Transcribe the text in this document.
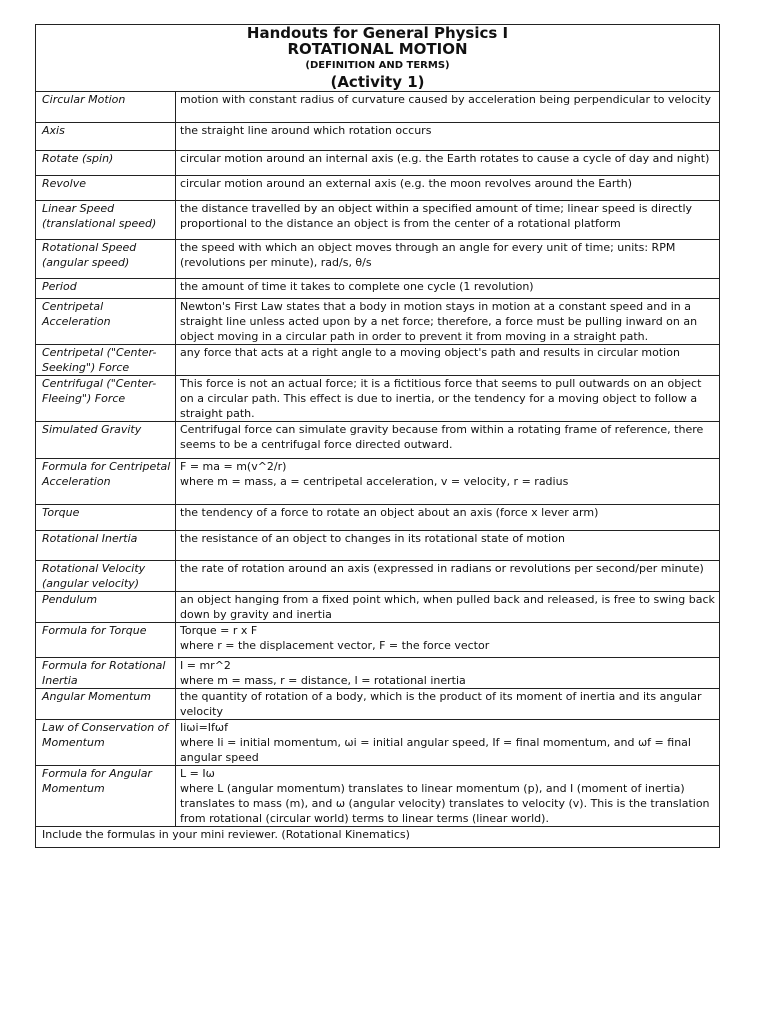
Handouts for General Physics I
ROTATIONAL MOTION
(DEFINITION AND TERMS)
(Activity 1)
Circular Motion	motion with constant radius of curvature caused by acceleration being perpendicular to velocity
Axis	the straight line around which rotation occurs
Rotate (spin)	circular motion around an internal axis (e.g. the Earth rotates to cause a cycle of day and night)
Revolve	circular motion around an external axis (e.g. the moon revolves around the Earth)
Linear Speed (translational speed)	the distance travelled by an object within a specified amount of time; linear speed is directly proportional to the distance an object is from the center of a rotational platform
Rotational Speed (angular speed)	the speed with which an object moves through an angle for every unit of time; units: RPM (revolutions per minute), rad/s, θ/s
Period	the amount of time it takes to complete one cycle (1 revolution)
Centripetal Acceleration	Newton's First Law states that a body in motion stays in motion at a constant speed and in a straight line unless acted upon by a net force; therefore, a force must be pulling inward on an object moving in a circular path in order to prevent it from moving in a straight path.
Centripetal ("Center-Seeking") Force	any force that acts at a right angle to a moving object's path and results in circular motion
Centrifugal ("Center-Fleeing") Force	This force is not an actual force; it is a fictitious force that seems to pull outwards on an object on a circular path. This effect is due to inertia, or the tendency for a moving object to follow a straight path.
Simulated Gravity	Centrifugal force can simulate gravity because from within a rotating frame of reference, there seems to be a centrifugal force directed outward.
Formula for Centripetal Acceleration	F = ma = m(v^2/r)
where m = mass, a = centripetal acceleration, v = velocity, r = radius
Torque	the tendency of a force to rotate an object about an axis (force x lever arm)
Rotational Inertia	the resistance of an object to changes in its rotational state of motion
Rotational Velocity (angular velocity)	the rate of rotation around an axis (expressed in radians or revolutions per second/per minute)
Pendulum	an object hanging from a fixed point which, when pulled back and released, is free to swing back down by gravity and inertia
Formula for Torque	Torque = r x F
where r = the displacement vector, F = the force vector
Formula for Rotational Inertia	I = mr^2
where m = mass, r = distance, I = rotational inertia
Angular Momentum	the quantity of rotation of a body, which is the product of its moment of inertia and its angular velocity
Law of Conservation of Momentum	Iiωi=Ifωf
where Ii = initial momentum, ωi = initial angular speed, If = final momentum, and ωf = final angular speed
Formula for Angular Momentum	L = Iω
where L (angular momentum) translates to linear momentum (p), and I (moment of inertia) translates to mass (m), and ω (angular velocity) translates to velocity (v). This is the translation from rotational (circular world) terms to linear terms (linear world).
Include the formulas in your mini reviewer. (Rotational Kinematics)
